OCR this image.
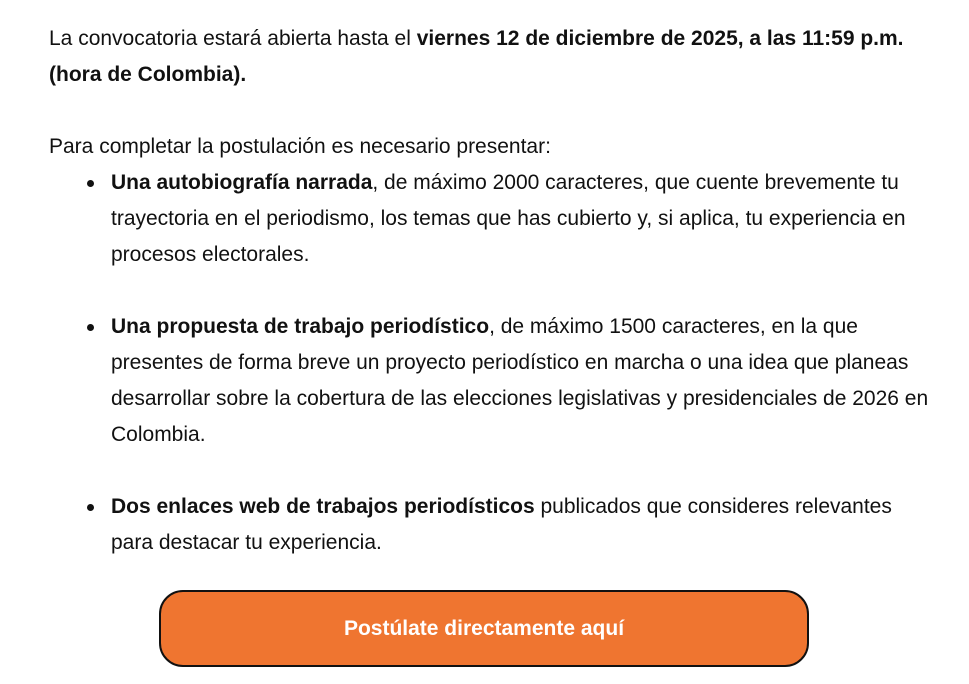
La convocatoria estará abierta hasta el viernes 12 de diciembre de 2025, a las 11:59 p.m. (hora de Colombia).

Para completar la postulación es necesario presentar:

Una autobiografía narrada, de máximo 2000 caracteres, que cuente brevemente tu trayectoria en el periodismo, los temas que has cubierto y, si aplica, tu experiencia en procesos electorales.
Una propuesta de trabajo periodístico, de máximo 1500 caracteres, en la que presentes de forma breve un proyecto periodístico en marcha o una idea que planeas desarrollar sobre la cobertura de las elecciones legislativas y presidenciales de 2026 en Colombia.
Dos enlaces web de trabajos periodísticos publicados que consideres relevantes para destacar tu experiencia.
Postúlate directamente aquí
